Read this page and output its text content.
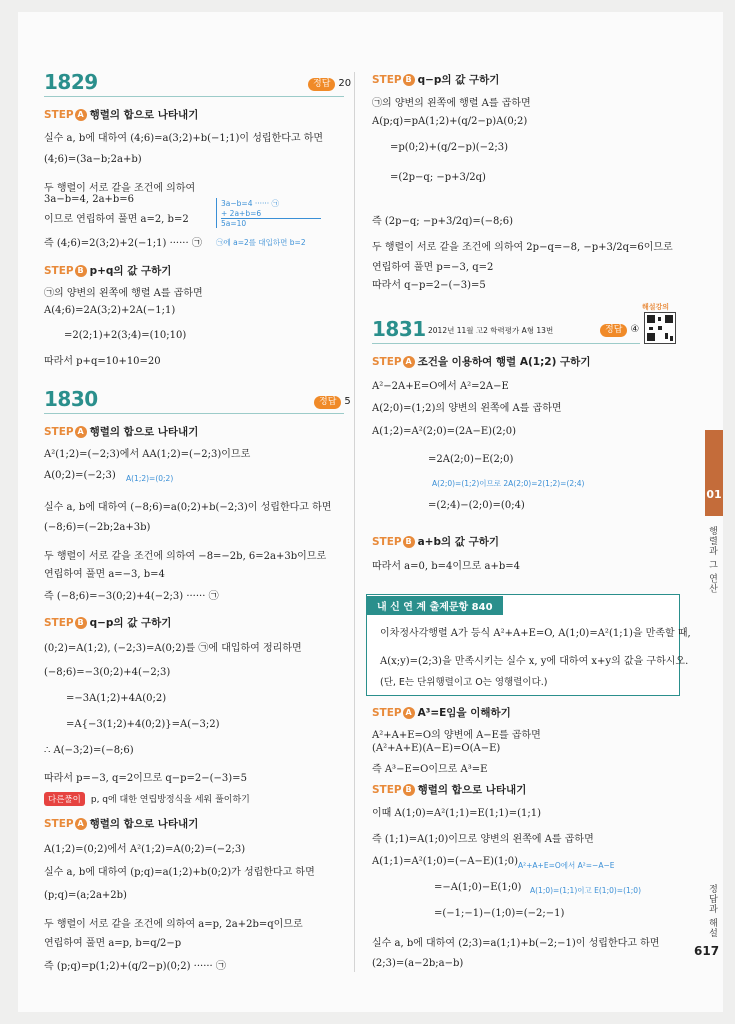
1829	정답 20
STEP A 행렬의 합으로 나타내기
실수 a, b에 대하여 (4;6)=a(3;2)+b(−1;1)이 성립한다고 하면
(4;6)=(3a−b;2a+b)
두 행렬이 서로 같을 조건에 의하여
3a−b=4, 2a+b=6
이므로 연립하여 풀면 a=2, b=2
즉 (4;6)=2(3;2)+2(−1;1) ······ ㉠
3a−b=4 ······ ㉠
+ 2a+b=6
5a=10
㉠에 a=2를 대입하면 b=2
STEP B p+q의 값 구하기
㉠의 양변의 왼쪽에 행렬 A를 곱하면
A(4;6)=2A(3;2)+2A(−1;1)
=2(2;1)+2(3;4)=(10;10)
따라서 p+q=10+10=20
1830	정답 5
STEP A 행렬의 합으로 나타내기
A²(1;2)=(−2;3)에서 AA(1;2)=(−2;3)이므로
A(0;2)=(−2;3) A(1;2)=(0;2)
실수 a, b에 대하여 (−8;6)=a(0;2)+b(−2;3)이 성립한다고 하면
(−8;6)=(−2b;2a+3b)
두 행렬이 서로 같을 조건에 의하여 −8=−2b, 6=2a+3b이므로
연립하여 풀면 a=−3, b=4
즉 (−8;6)=−3(0;2)+4(−2;3) ······ ㉠
STEP B q−p의 값 구하기
(0;2)=A(1;2), (−2;3)=A(0;2)를 ㉠에 대입하여 정리하면
(−8;6)=−3(0;2)+4(−2;3)
=−3A(1;2)+4A(0;2)
=A{−3(1;2)+4(0;2)}=A(−3;2)
∴ A(−3;2)=(−8;6)
따라서 p=−3, q=2이므로 q−p=2−(−3)=5
다른풀이 p, q에 대한 연립방정식을 세워 풀이하기
STEP A 행렬의 합으로 나타내기
A(1;2)=(0;2)에서 A²(1;2)=A(0;2)=(−2;3)
실수 a, b에 대하여 (p;q)=a(1;2)+b(0;2)가 성립한다고 하면
(p;q)=(a;2a+2b)
두 행렬이 서로 같을 조건에 의하여 a=p, 2a+2b=q이므로
연립하여 풀면 a=p, b=q/2−p
즉 (p;q)=p(1;2)+(q/2−p)(0;2) ······ ㉠
STEP B q−p의 값 구하기
㉠의 양변의 왼쪽에 행렬 A를 곱하면
A(p;q)=pA(1;2)+(q/2−p)A(0;2)
=p(0;2)+(q/2−p)(−2;3)
=(2p−q; −p+3/2q)
즉 (2p−q; −p+3/2q)=(−8;6)
두 행렬이 서로 같을 조건에 의하여 2p−q=−8, −p+3/2q=6이므로
연립하여 풀면 p=−3, q=2
따라서 q−p=2−(−3)=5
해설강의
1831 2012년 11월 고2 학력평가 A형 13번	정답 ④
STEP A 조건을 이용하여 행렬 A(1;2) 구하기
A²−2A+E=O에서 A²=2A−E
A(2;0)=(1;2)의 양변의 왼쪽에 A를 곱하면
A(1;2)=A²(2;0)=(2A−E)(2;0)
=2A(2;0)−E(2;0)
A(2;0)=(1;2)이므로 2A(2;0)=2(1;2)=(2;4)
=(2;4)−(2;0)=(0;4)
STEP B a+b의 값 구하기
따라서 a=0, b=4이므로 a+b=4
내 신 연 계 출제문항 840
이차정사각행렬 A가 등식 A²+A+E=O, A(1;0)=A²(1;1)을 만족할 때,
A(x;y)=(2;3)을 만족시키는 실수 x, y에 대하여 x+y의 값을 구하시오.
(단, E는 단위행렬이고 O는 영행렬이다.)
STEP A A³=E임을 이해하기
A²+A+E=O의 양변에 A−E를 곱하면
(A²+A+E)(A−E)=O(A−E)
즉 A³−E=O이므로 A³=E
STEP B 행렬의 합으로 나타내기
이때 A(1;0)=A²(1;1)=E(1;1)=(1;1)
즉 (1;1)=A(1;0)이므로 양변의 왼쪽에 A를 곱하면
A(1;1)=A²(1;0)=(−A−E)(1;0) A²+A+E=O에서 A²=−A−E
=−A(1;0)−E(1;0) A(1;0)=(1;1)이고 E(1;0)=(1;0)
=(−1;−1)−(1;0)=(−2;−1)
실수 a, b에 대하여 (2;3)=a(1;1)+b(−2;−1)이 성립한다고 하면
(2;3)=(a−2b;a−b)
01
행렬과 그 연산
정답과 해설
617
